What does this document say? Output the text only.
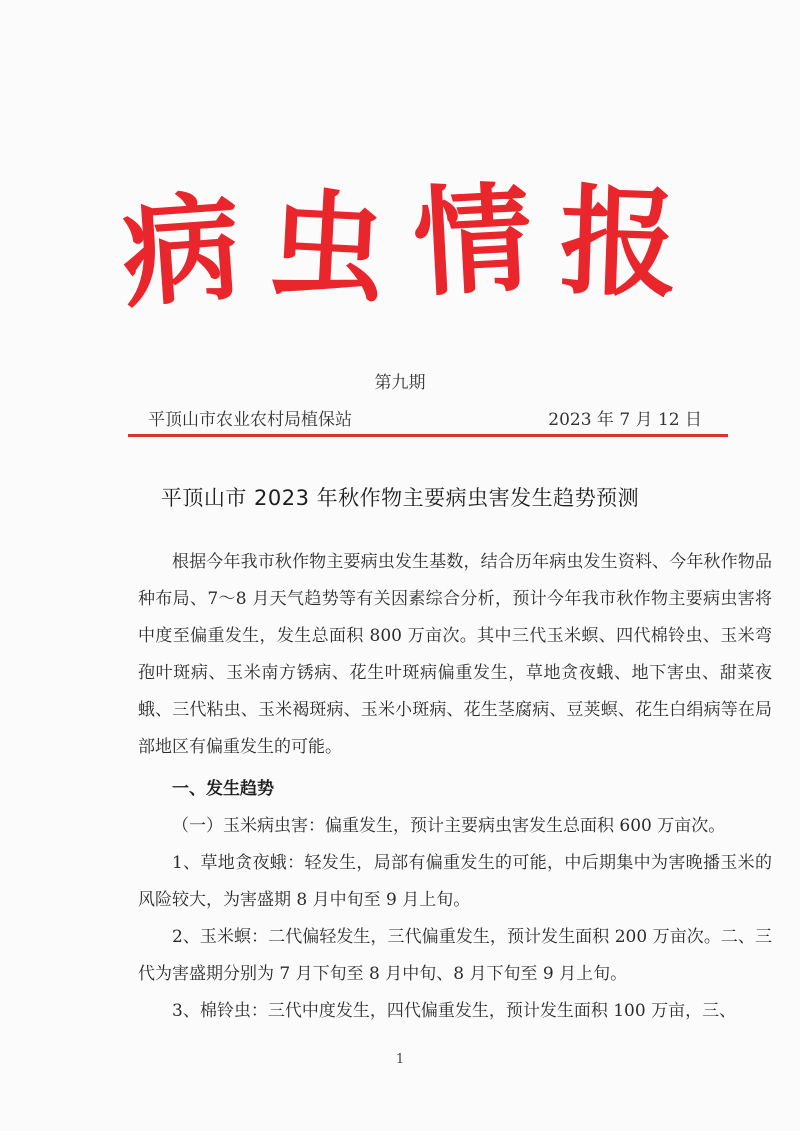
病 虫 情 报
第九期
平顶山市农业农村局植保站	2023 年 7 月 12 日
平顶山市 2023 年秋作物主要病虫害发生趋势预测

根据今年我市秋作物主要病虫发生基数，结合历年病虫发生资料、今年秋作物品种布局、7～8 月天气趋势等有关因素综合分析，预计今年我市秋作物主要病虫害将中度至偏重发生，发生总面积 800 万亩次。其中三代玉米螟、四代棉铃虫、玉米弯孢叶斑病、玉米南方锈病、花生叶斑病偏重发生，草地贪夜蛾、地下害虫、甜菜夜蛾、三代粘虫、玉米褐斑病、玉米小斑病、花生茎腐病、豆荚螟、花生白绢病等在局部地区有偏重发生的可能。

一、发生趋势

（一）玉米病虫害：偏重发生，预计主要病虫害发生总面积 600 万亩次。

1、草地贪夜蛾：轻发生，局部有偏重发生的可能，中后期集中为害晚播玉米的风险较大，为害盛期 8 月中旬至 9 月上旬。

2、玉米螟：二代偏轻发生，三代偏重发生，预计发生面积 200 万亩次。二、三代为害盛期分别为 7 月下旬至 8 月中旬、8 月下旬至 9 月上旬。

3、棉铃虫：三代中度发生，四代偏重发生，预计发生面积 100 万亩，三、

1
